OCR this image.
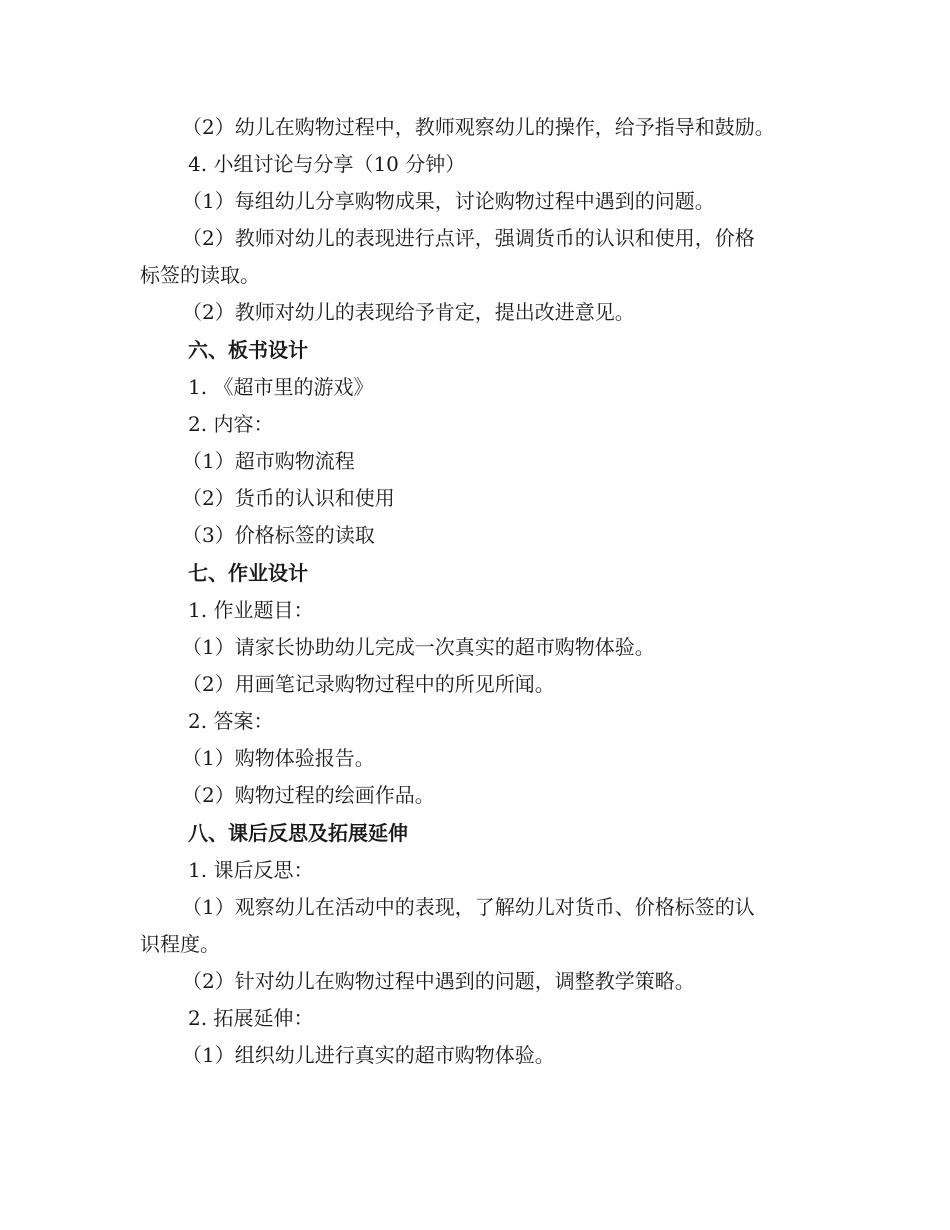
（2）幼儿在购物过程中，教师观察幼儿的操作，给予指导和鼓励。
4. 小组讨论与分享（10 分钟）
（1）每组幼儿分享购物成果，讨论购物过程中遇到的问题。
（2）教师对幼儿的表现进行点评，强调货币的认识和使用，价格
标签的读取。
（2）教师对幼儿的表现给予肯定，提出改进意见。
六、板书设计
1. 《超市里的游戏》
2. 内容：
（1）超市购物流程
（2）货币的认识和使用
（3）价格标签的读取
七、作业设计
1. 作业题目：
（1）请家长协助幼儿完成一次真实的超市购物体验。
（2）用画笔记录购物过程中的所见所闻。
2. 答案：
（1）购物体验报告。
（2）购物过程的绘画作品。
八、课后反思及拓展延伸
1. 课后反思：
（1）观察幼儿在活动中的表现，了解幼儿对货币、价格标签的认
识程度。
（2）针对幼儿在购物过程中遇到的问题，调整教学策略。
2. 拓展延伸：
（1）组织幼儿进行真实的超市购物体验。
